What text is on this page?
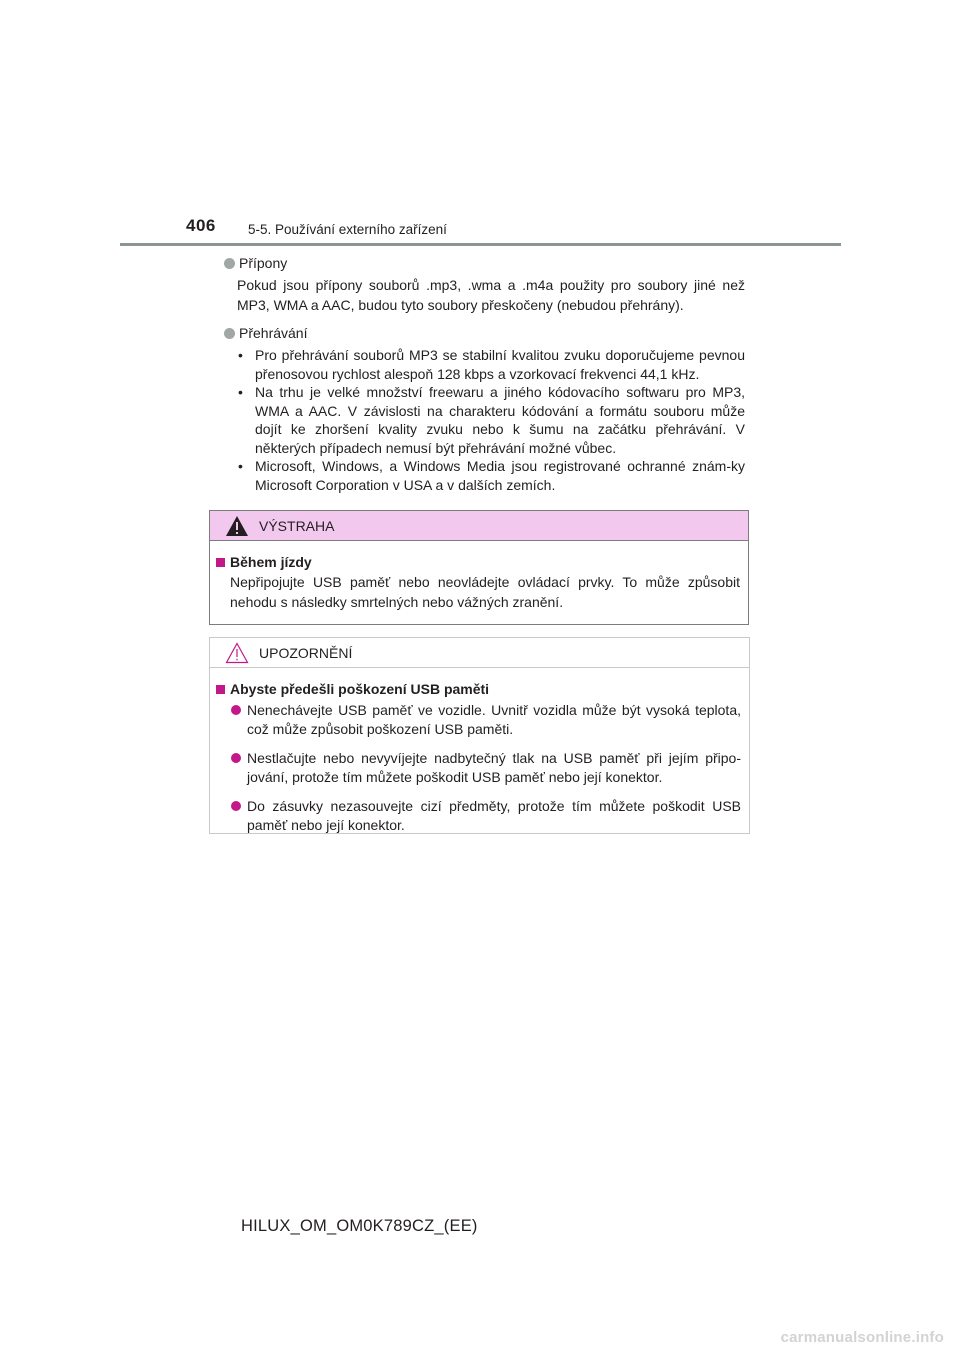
406 5-5. Používání externího zařízení
Přípony
Pokud jsou přípony souborů .mp3, .wma a .m4a použity pro soubory jiné než MP3, WMA a AAC, budou tyto soubory přeskočeny (nebudou přehrány).
Přehrávání
• Pro přehrávání souborů MP3 se stabilní kvalitou zvuku doporučujeme pevnou přenosovou rychlost alespoň 128 kbps a vzorkovací frekvenci 44,1 kHz.
• Na trhu je velké množství freewaru a jiného kódovacího softwaru pro MP3, WMA a AAC. V závislosti na charakteru kódování a formátu souboru může dojít ke zhoršení kvality zvuku nebo k šumu na začátku přehrávání. V některých případech nemusí být přehrávání možné vůbec.
• Microsoft, Windows, a Windows Media jsou registrované ochranné znám-ky Microsoft Corporation v USA a v dalších zemích.
VÝSTRAHA
Během jízdy
Nepřipojujte USB paměť nebo neovládejte ovládací prvky. To může způsobit nehodu s následky smrtelných nebo vážných zranění.
UPOZORNĚNÍ
Abyste předešli poškození USB paměti
Nenechávejte USB paměť ve vozidle. Uvnitř vozidla může být vysoká teplota, což může způsobit poškození USB paměti.
Nestlačujte nebo nevyvíjejte nadbytečný tlak na USB paměť při jejím připo-jování, protože tím můžete poškodit USB paměť nebo její konektor.
Do zásuvky nezasouvejte cizí předměty, protože tím můžete poškodit USB paměť nebo její konektor.
HILUX_OM_OM0K789CZ_(EE)
carmanualsonline.info
